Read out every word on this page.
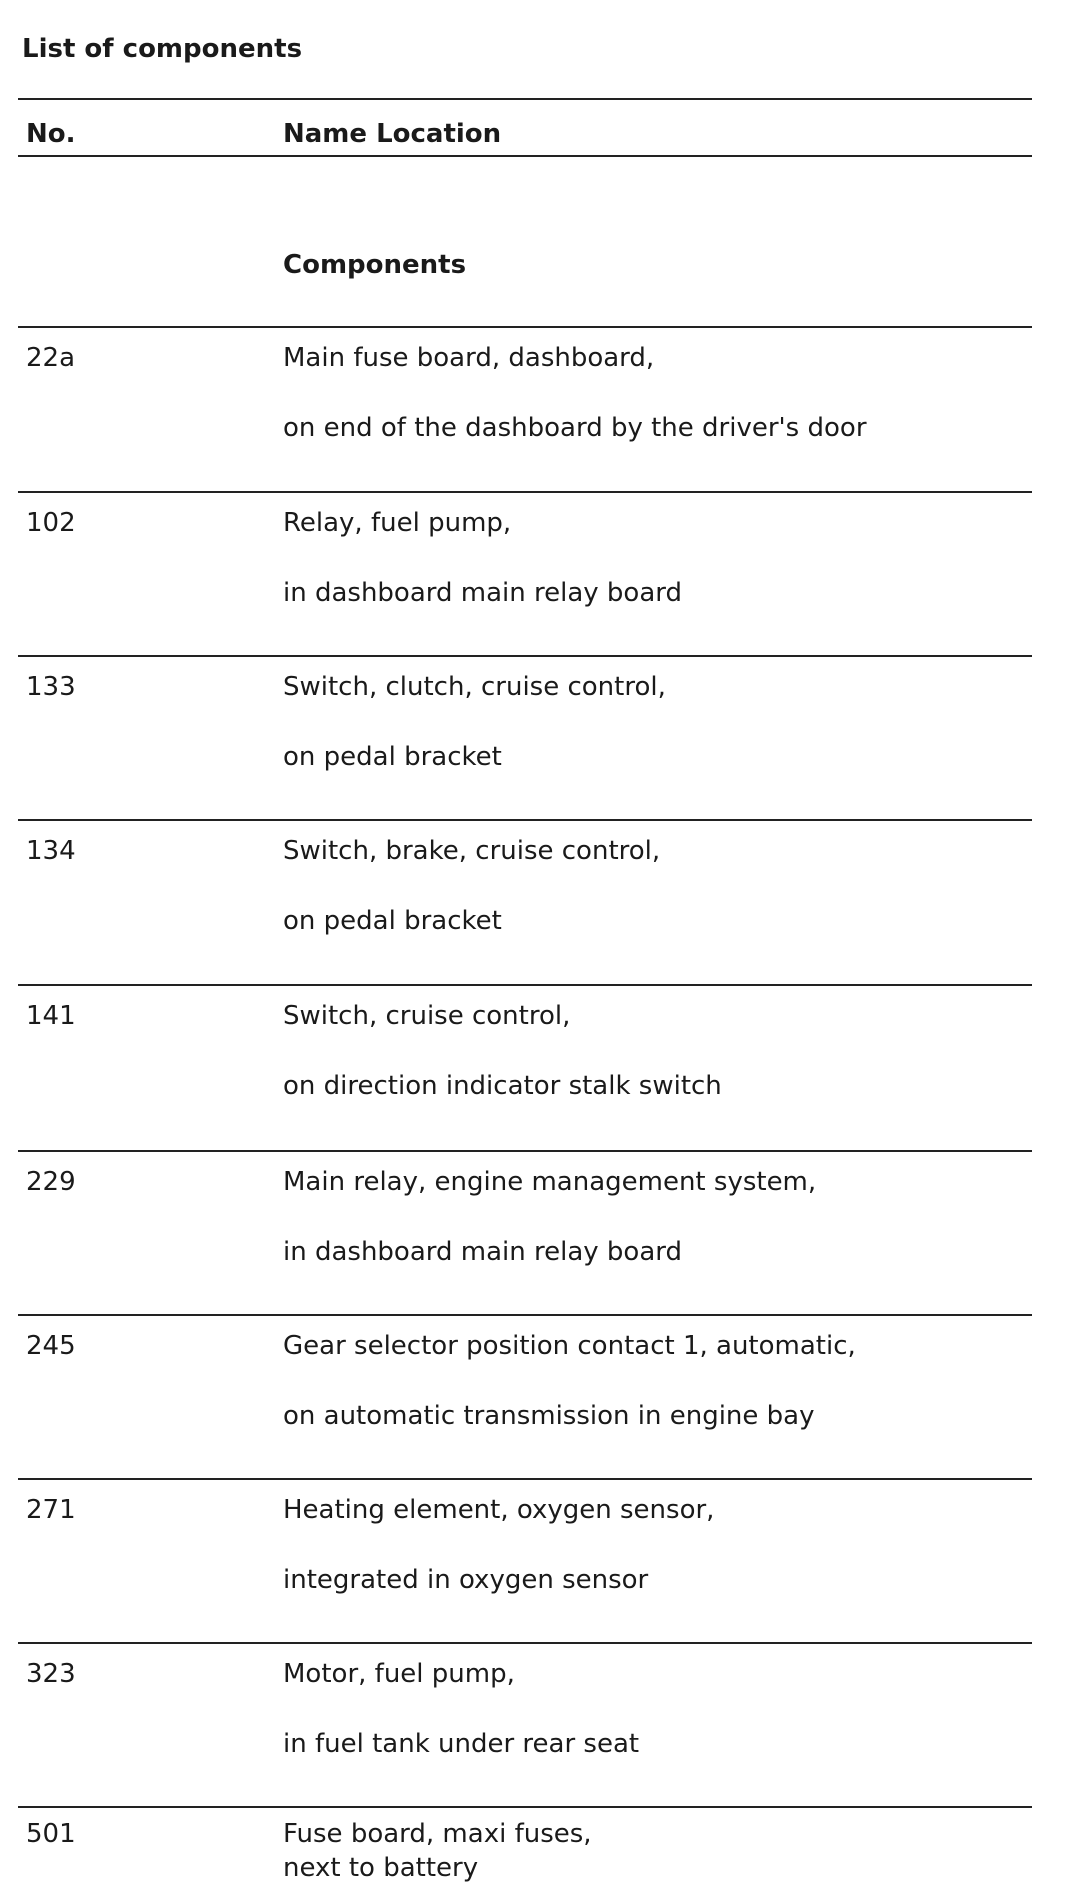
List of components
No.	Name Location
Components
22a	Main fuse board, dashboard,
on end of the dashboard by the driver's door
102	Relay, fuel pump,
in dashboard main relay board
133	Switch, clutch, cruise control,
on pedal bracket
134	Switch, brake, cruise control,
on pedal bracket
141	Switch, cruise control,
on direction indicator stalk switch
229	Main relay, engine management system,
in dashboard main relay board
245	Gear selector position contact 1, automatic,
on automatic transmission in engine bay
271	Heating element, oxygen sensor,
integrated in oxygen sensor
323	Motor, fuel pump,
in fuel tank under rear seat
501	Fuse board, maxi fuses,
next to battery
